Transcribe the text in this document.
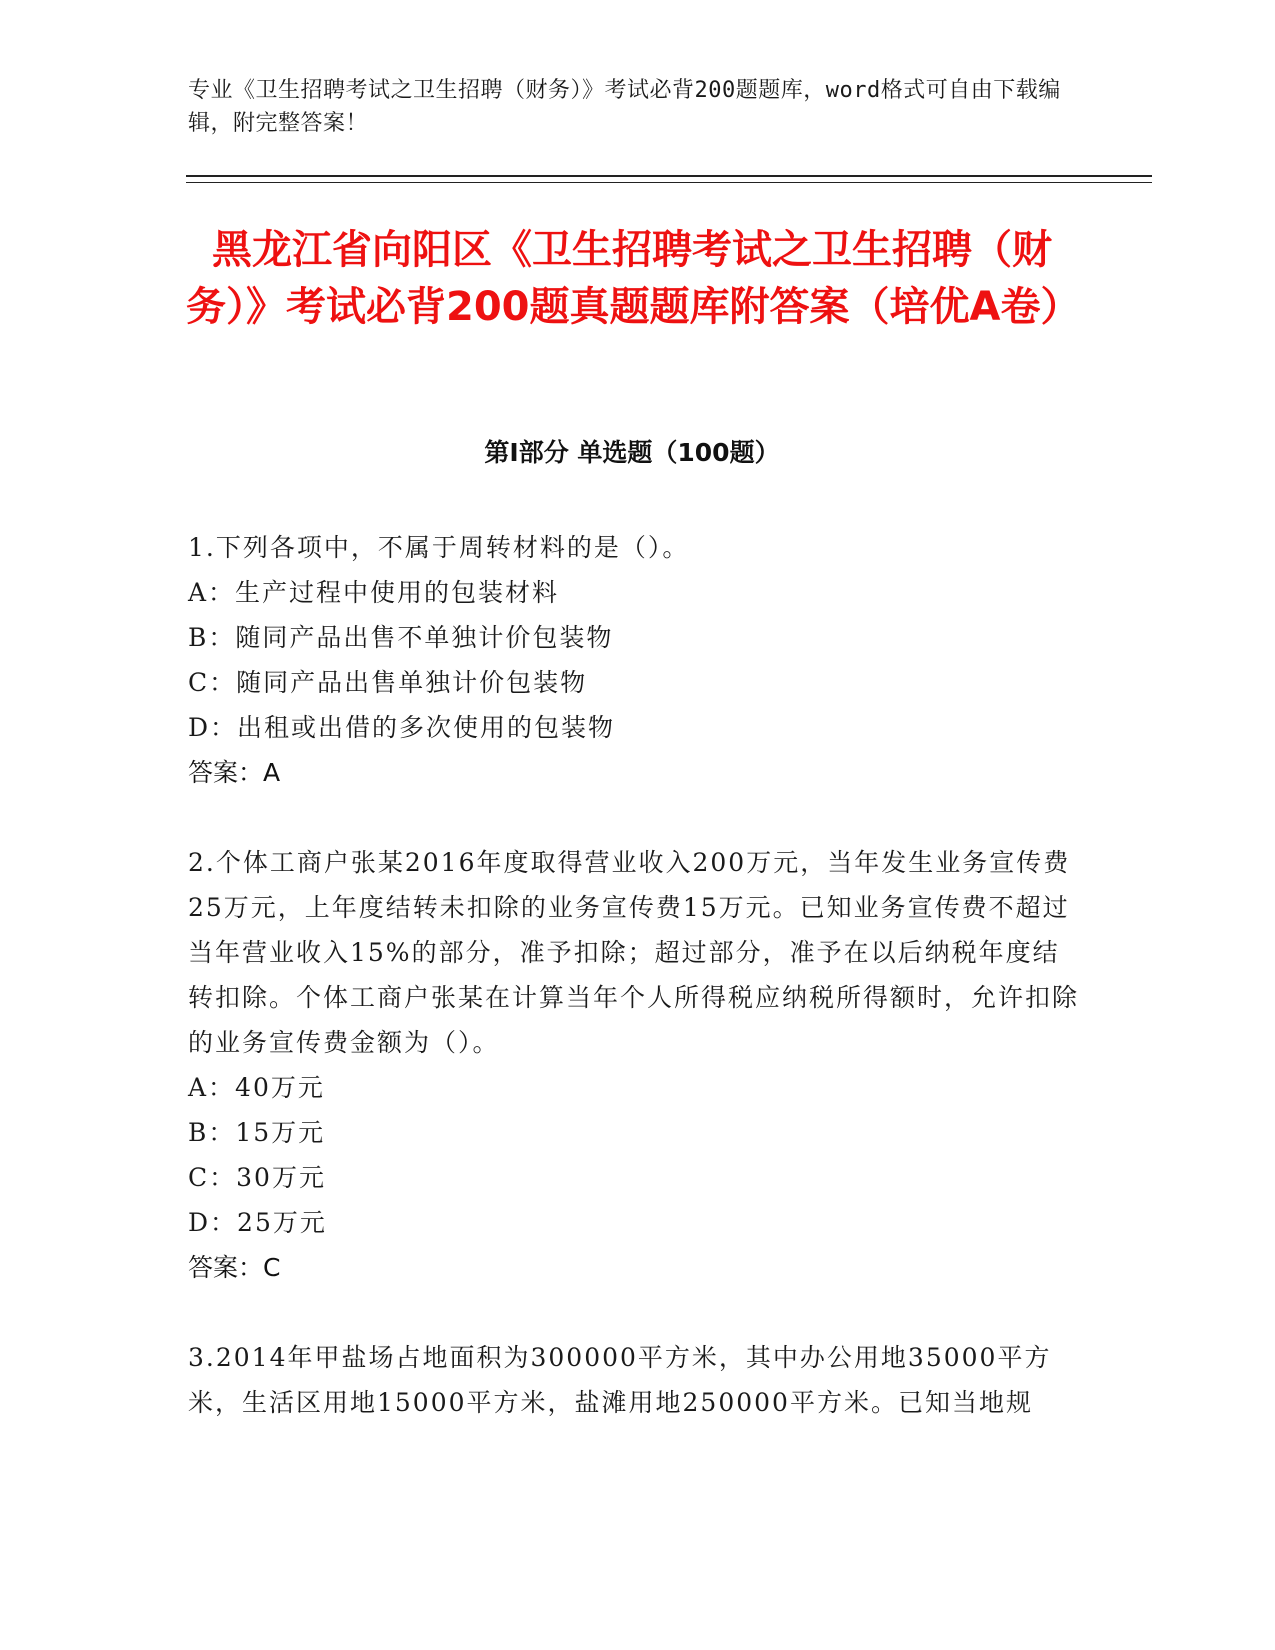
专业《卫生招聘考试之卫生招聘（财务）》考试必背200题题库，word格式可自由下载编辑，附完整答案！
黑龙江省向阳区《卫生招聘考试之卫生招聘（财务）》考试必背200题真题题库附答案（培优A卷）
第Ⅰ部分 单选题（100题）

1.下列各项中，不属于周转材料的是（）。

A：生产过程中使用的包装材料

B：随同产品出售不单独计价包装物

C：随同产品出售单独计价包装物

D：出租或出借的多次使用的包装物

答案：A

2.个体工商户张某2016年度取得营业收入200万元，当年发生业务宣传费25万元，上年度结转未扣除的业务宣传费15万元。已知业务宣传费不超过当年营业收入15%的部分，准予扣除；超过部分，准予在以后纳税年度结转扣除。个体工商户张某在计算当年个人所得税应纳税所得额时，允许扣除的业务宣传费金额为（）。

A：40万元

B：15万元

C：30万元

D：25万元

答案：C

3.2014年甲盐场占地面积为300000平方米，其中办公用地35000平方米，生活区用地15000平方米，盐滩用地250000平方米。已知当地规
